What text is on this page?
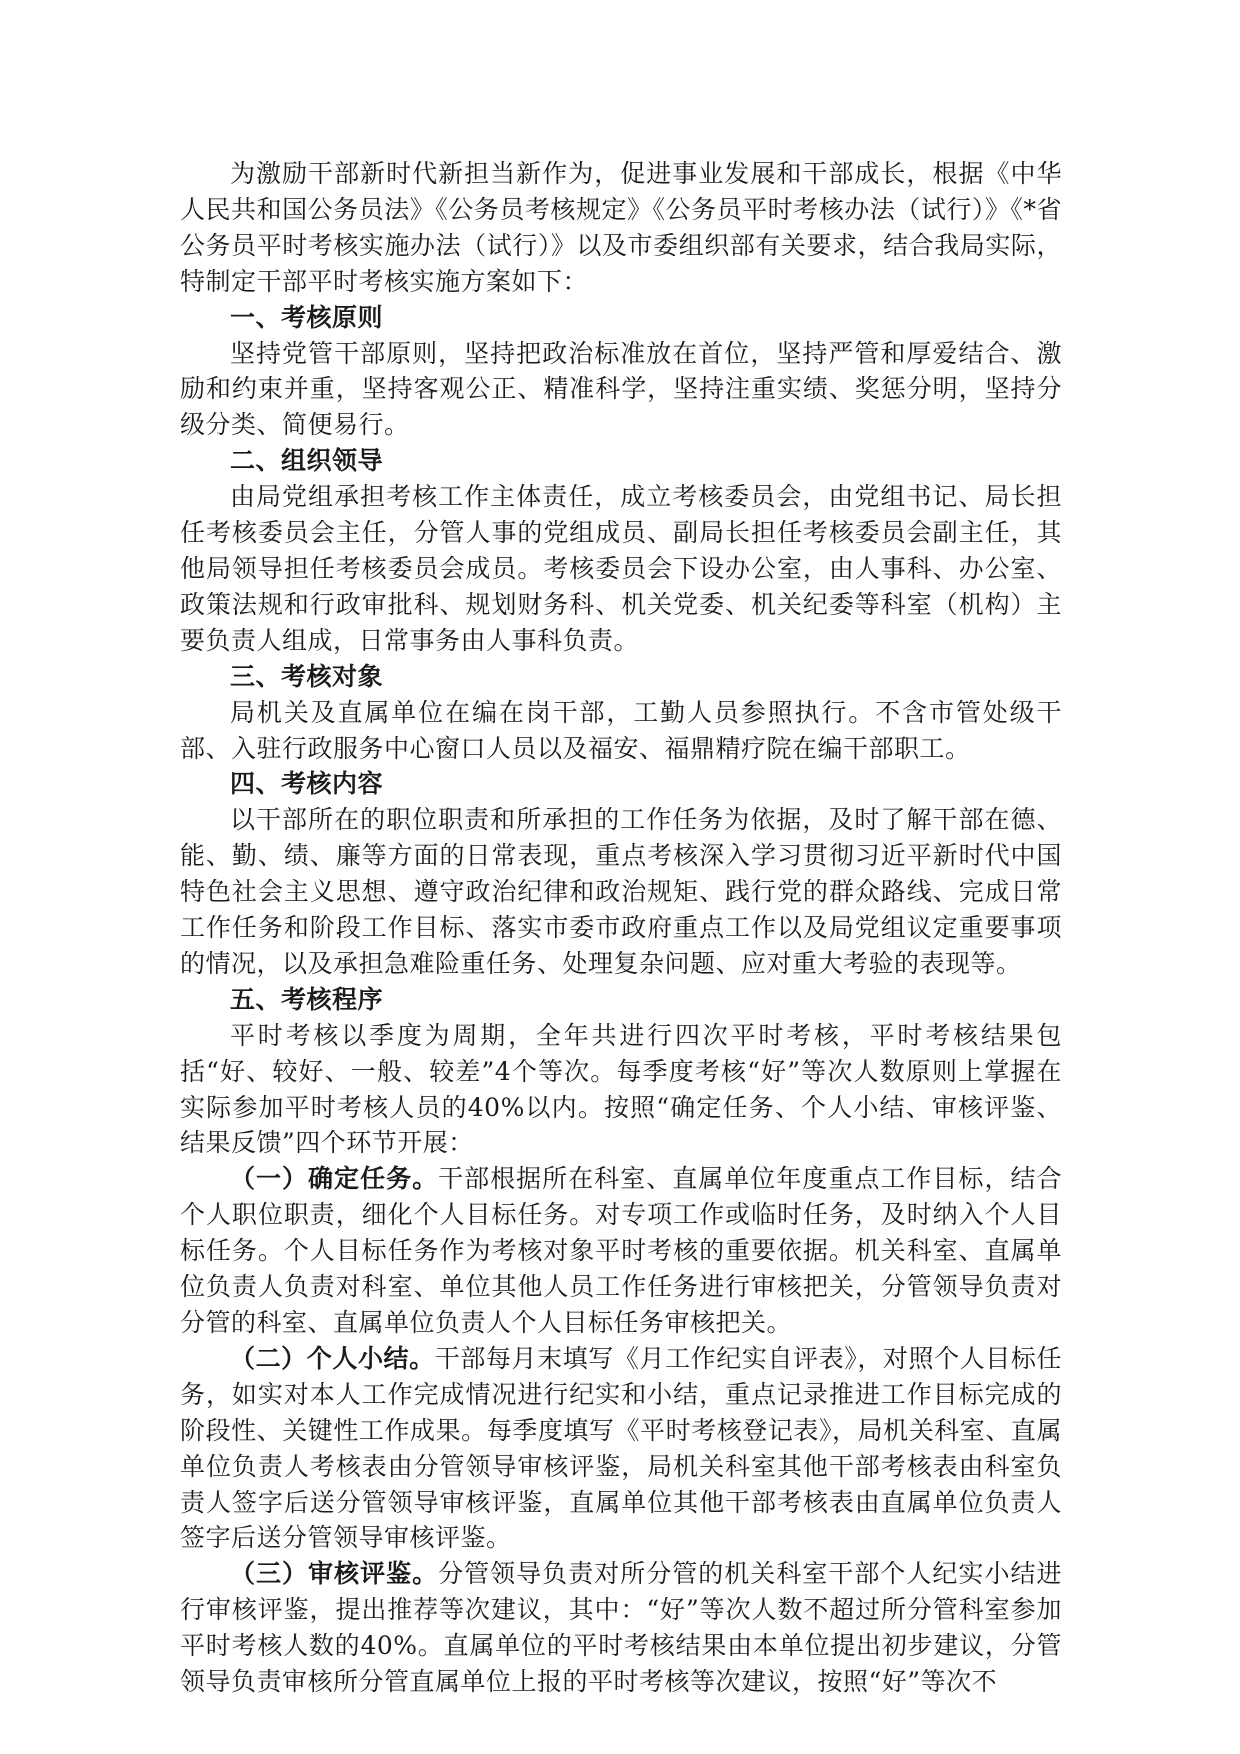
为激励干部新时代新担当新作为，促进事业发展和干部成长，根据《中华人民共和国公务员法》《公务员考核规定》《公务员平时考核办法（试行）》《*省公务员平时考核实施办法（试行）》以及市委组织部有关要求，结合我局实际，特制定干部平时考核实施方案如下：

一、考核原则

坚持党管干部原则，坚持把政治标准放在首位，坚持严管和厚爱结合、激励和约束并重，坚持客观公正、精准科学，坚持注重实绩、奖惩分明，坚持分级分类、简便易行。

二、组织领导

由局党组承担考核工作主体责任，成立考核委员会，由党组书记、局长担任考核委员会主任，分管人事的党组成员、副局长担任考核委员会副主任，其他局领导担任考核委员会成员。考核委员会下设办公室，由人事科、办公室、政策法规和行政审批科、规划财务科、机关党委、机关纪委等科室（机构）主要负责人组成，日常事务由人事科负责。

三、考核对象

局机关及直属单位在编在岗干部，工勤人员参照执行。不含市管处级干部、入驻行政服务中心窗口人员以及福安、福鼎精疗院在编干部职工。

四、考核内容

以干部所在的职位职责和所承担的工作任务为依据，及时了解干部在德、能、勤、绩、廉等方面的日常表现，重点考核深入学习贯彻习近平新时代中国特色社会主义思想、遵守政治纪律和政治规矩、践行党的群众路线、完成日常工作任务和阶段工作目标、落实市委市政府重点工作以及局党组议定重要事项的情况，以及承担急难险重任务、处理复杂问题、应对重大考验的表现等。

五、考核程序

平时考核以季度为周期，全年共进行四次平时考核，平时考核结果包括“好、较好、一般、较差”4个等次。每季度考核“好”等次人数原则上掌握在实际参加平时考核人员的40%以内。按照“确定任务、个人小结、审核评鉴、结果反馈”四个环节开展：

（一）确定任务。干部根据所在科室、直属单位年度重点工作目标，结合个人职位职责，细化个人目标任务。对专项工作或临时任务，及时纳入个人目标任务。个人目标任务作为考核对象平时考核的重要依据。机关科室、直属单位负责人负责对科室、单位其他人员工作任务进行审核把关，分管领导负责对分管的科室、直属单位负责人个人目标任务审核把关。

（二）个人小结。干部每月末填写《月工作纪实自评表》，对照个人目标任务，如实对本人工作完成情况进行纪实和小结，重点记录推进工作目标完成的阶段性、关键性工作成果。每季度填写《平时考核登记表》，局机关科室、直属单位负责人考核表由分管领导审核评鉴，局机关科室其他干部考核表由科室负责人签字后送分管领导审核评鉴，直属单位其他干部考核表由直属单位负责人签字后送分管领导审核评鉴。

（三）审核评鉴。分管领导负责对所分管的机关科室干部个人纪实小结进行审核评鉴，提出推荐等次建议，其中：“好”等次人数不超过所分管科室参加平时考核人数的40%。直属单位的平时考核结果由本单位提出初步建议，分管领导负责审核所分管直属单位上报的平时考核等次建议，按照“好”等次不
